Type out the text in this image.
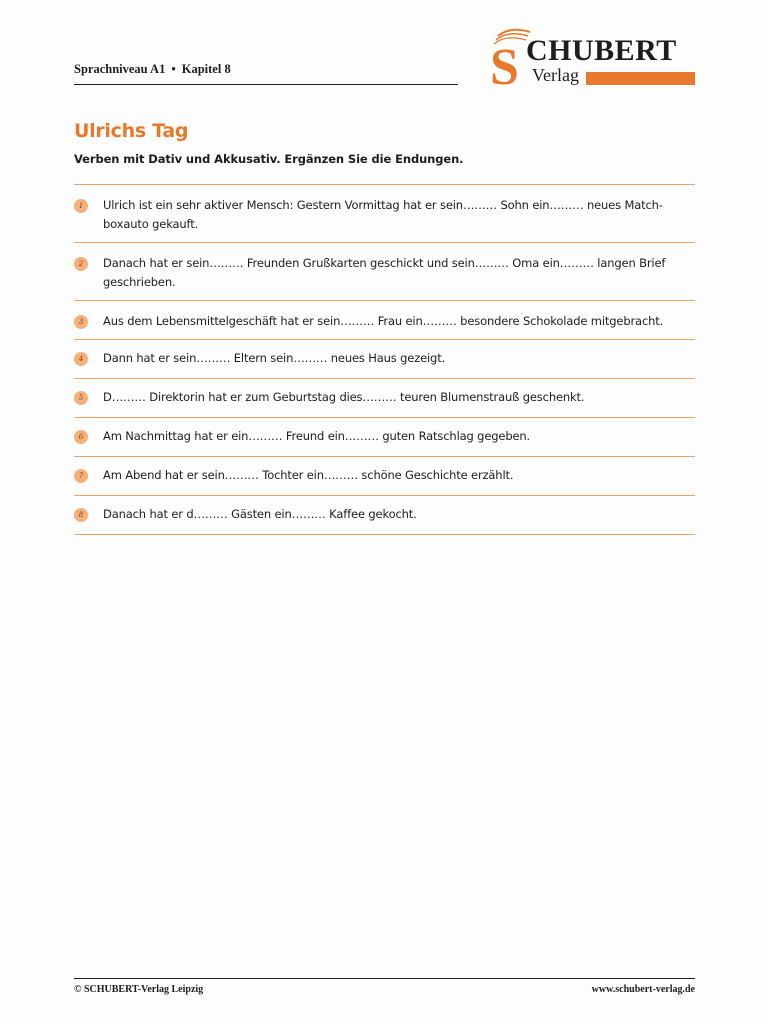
Sprachniveau A1 • Kapitel 8	S CHUBERT
Verlag
Ulrichs Tag
Verben mit Dativ und Akkusativ. Ergänzen Sie die Endungen.
1	Ulrich ist ein sehr aktiver Mensch: Gestern Vormittag hat er sein……… Sohn ein……… neues Match-boxauto gekauft.
2	Danach hat er sein……… Freunden Grußkarten geschickt und sein……… Oma ein……… langen Brief geschrieben.
3	Aus dem Lebensmittelgeschäft hat er sein……… Frau ein……… besondere Schokolade mitgebracht.
4	Dann hat er sein……… Eltern sein……… neues Haus gezeigt.
5	D……… Direktorin hat er zum Geburtstag dies……… teuren Blumenstrauß geschenkt.
6	Am Nachmittag hat er ein……… Freund ein……… guten Ratschlag gegeben.
7	Am Abend hat er sein……… Tochter ein……… schöne Geschichte erzählt.
8	Danach hat er d……… Gästen ein……… Kaffee gekocht.
© SCHUBERT-Verlag Leipzig	www.schubert-verlag.de
